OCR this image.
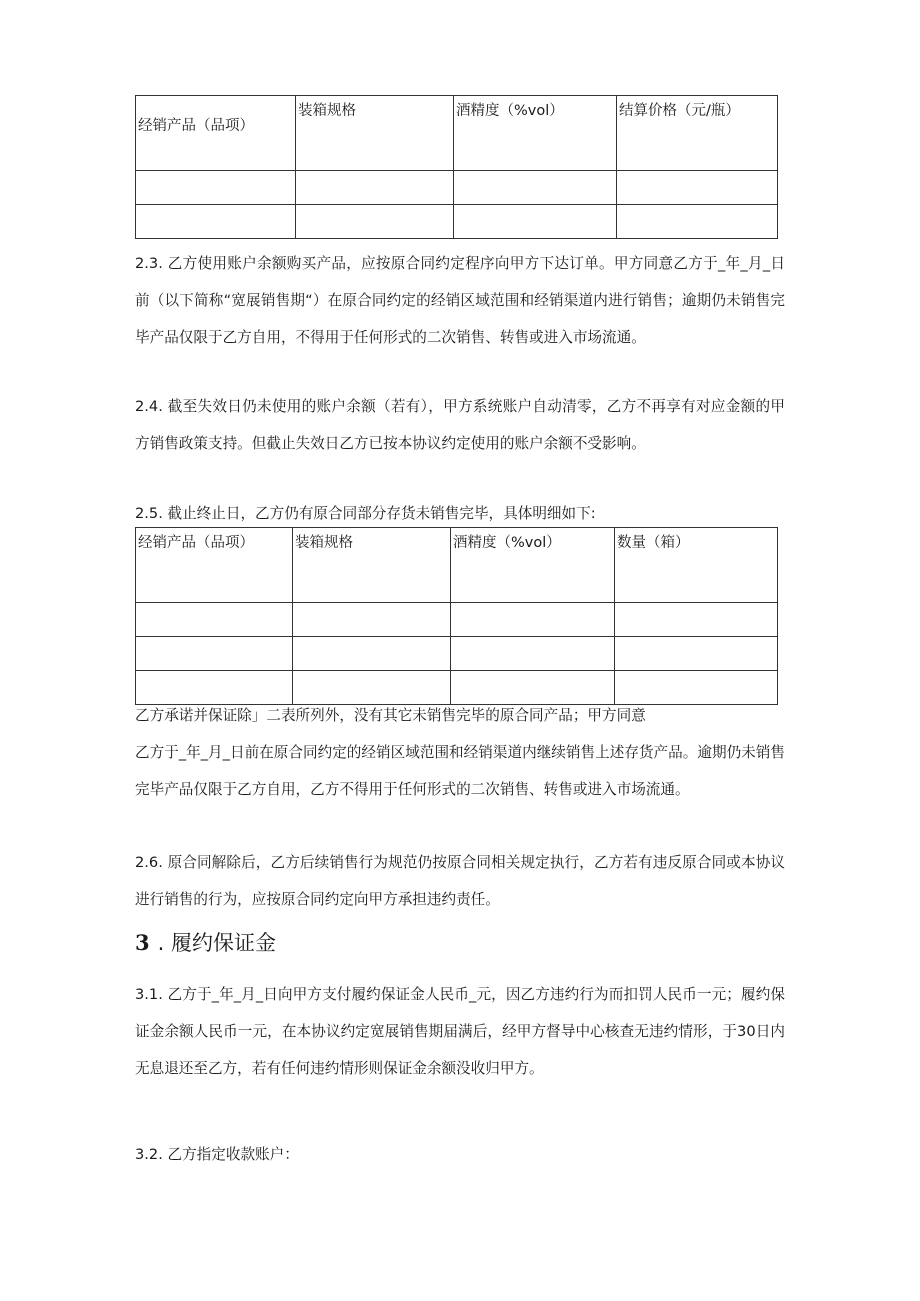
经销产品（品项）	装箱规格	酒精度（%vol）	结算价格（元/瓶）

2.3. 乙方使用账户余额购买产品，应按原合同约定程序向甲方下达订单。甲方同意乙方于_年_月_日前（以下简称“宽展销售期“）在原合同约定的经销区域范围和经销渠道内进行销售；逾期仍未销售完毕产品仅限于乙方自用，不得用于任何形式的二次销售、转售或进入市场流通。
2.4. 截至失效日仍未使用的账户余额（若有），甲方系统账户自动清零，乙方不再享有对应金额的甲方销售政策支持。但截止失效日乙方已按本协议约定使用的账户余额不受影响。
2.5. 截止终止日，乙方仍有原合同部分存货未销售完毕，具体明细如下:
经销产品（品项）	装箱规格	酒精度（%vol）	数量（箱）

乙方承诺并保证除」二表所列外，没有其它未销售完毕的原合同产品；甲方同意
乙方于_年_月_日前在原合同约定的经销区域范围和经销渠道内继续销售上述存货产品。逾期仍未销售完毕产品仅限于乙方自用，乙方不得用于任何形式的二次销售、转售或进入市场流通。
2.6. 原合同解除后，乙方后续销售行为规范仍按原合同相关规定执行，乙方若有违反原合同或本协议进行销售的行为，应按原合同约定向甲方承担违约责任。
3 . 履约保证金
3.1. 乙方于_年_月_日向甲方支付履约保证金人民币_元，因乙方违约行为而扣罚人民币一元；履约保证金余额人民币一元，在本协议约定宽展销售期届满后，经甲方督导中心核查无违约情形，于30日内无息退还至乙方，若有任何违约情形则保证金余额没收归甲方。
3.2. 乙方指定收款账户：
